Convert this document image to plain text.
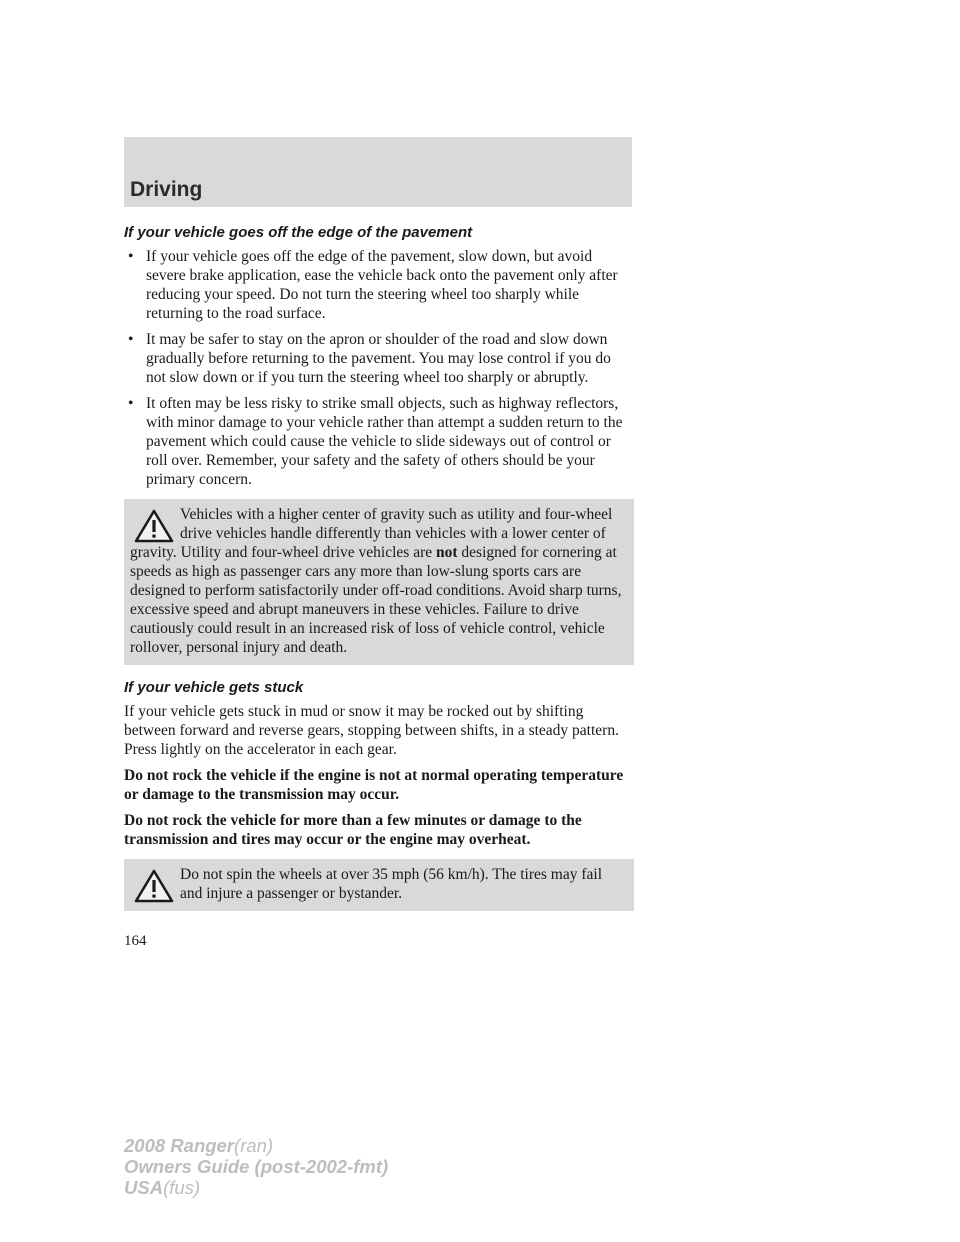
Driving
If your vehicle goes off the edge of the pavement
• If your vehicle goes off the edge of the pavement, slow down, but avoid severe brake application, ease the vehicle back onto the pavement only after reducing your speed. Do not turn the steering wheel too sharply while returning to the road surface.
• It may be safer to stay on the apron or shoulder of the road and slow down gradually before returning to the pavement. You may lose control if you do not slow down or if you turn the steering wheel too sharply or abruptly.
• It often may be less risky to strike small objects, such as highway reflectors, with minor damage to your vehicle rather than attempt a sudden return to the pavement which could cause the vehicle to slide sideways out of control or roll over. Remember, your safety and the safety of others should be your primary concern.
Vehicles with a higher center of gravity such as utility and four-wheel drive vehicles handle differently than vehicles with a lower center of gravity. Utility and four-wheel drive vehicles are not designed for cornering at speeds as high as passenger cars any more than low-slung sports cars are designed to perform satisfactorily under off-road conditions. Avoid sharp turns, excessive speed and abrupt maneuvers in these vehicles. Failure to drive cautiously could result in an increased risk of loss of vehicle control, vehicle rollover, personal injury and death.
If your vehicle gets stuck

If your vehicle gets stuck in mud or snow it may be rocked out by shifting between forward and reverse gears, stopping between shifts, in a steady pattern. Press lightly on the accelerator in each gear.

Do not rock the vehicle if the engine is not at normal operating temperature or damage to the transmission may occur.

Do not rock the vehicle for more than a few minutes or damage to the transmission and tires may occur or the engine may overheat.

Do not spin the wheels at over 35 mph (56 km/h). The tires may fail and injure a passenger or bystander.
164
2008 Ranger(ran)
Owners Guide (post-2002-fmt)
USA(fus)
